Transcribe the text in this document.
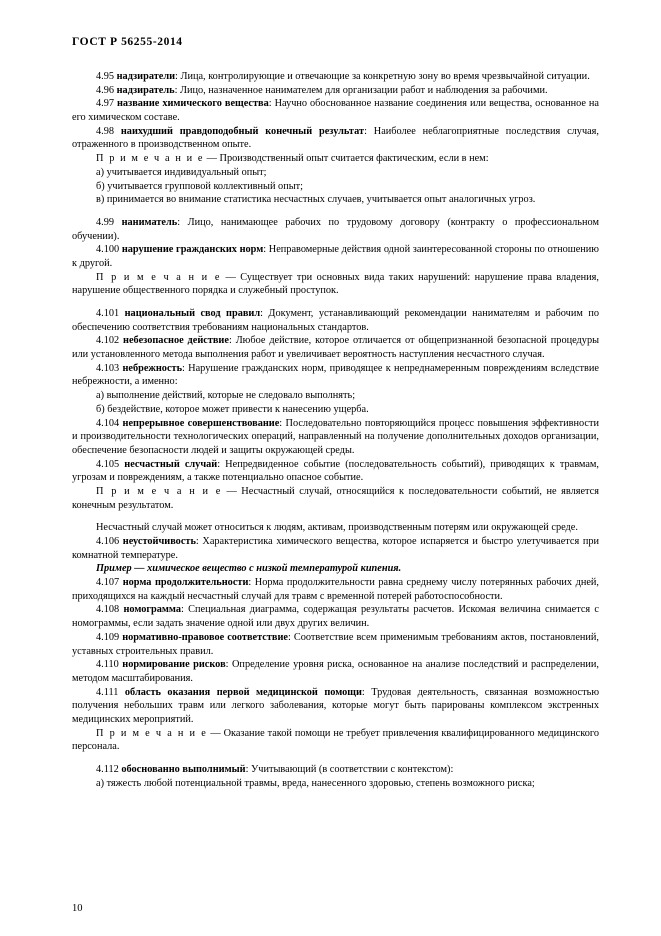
ГОСТ Р 56255-2014

4.95 надзиратели: Лица, контролирующие и отвечающие за конкретную зону во время чрезвычайной ситуации.

4.96 надзиратель: Лицо, назначенное нанимателем для организации работ и наблюдения за рабочими.

4.97 название химического вещества: Научно обоснованное название соединения или вещества, основанное на его химическом составе.

4.98 наихудший правдоподобный конечный результат: Наиболее неблагоприятные последствия случая, отраженного в производственном опыте.

П р и м е ч а н и е — Производственный опыт считается фактическим, если в нем:

а) учитывается индивидуальный опыт;

б) учитывается групповой коллективный опыт;

в) принимается во внимание статистика несчастных случаев, учитывается опыт аналогичных угроз.

4.99 наниматель: Лицо, нанимающее рабочих по трудовому договору (контракту о профессиональном обучении).

4.100 нарушение гражданских норм: Неправомерные действия одной заинтересованной стороны по отношению к другой.

П р и м е ч а н и е — Существует три основных вида таких нарушений: нарушение права владения, нарушение общественного порядка и служебный проступок.

4.101 национальный свод правил: Документ, устанавливающий рекомендации нанимателям и рабочим по обеспечению соответствия требованиям национальных стандартов.

4.102 небезопасное действие: Любое действие, которое отличается от общепризнанной безопасной процедуры или установленного метода выполнения работ и увеличивает вероятность наступления несчастного случая.

4.103 небрежность: Нарушение гражданских норм, приводящее к непреднамеренным повреждениям вследствие небрежности, а именно:

а) выполнение действий, которые не следовало выполнять;

б) бездействие, которое может привести к нанесению ущерба.

4.104 непрерывное совершенствование: Последовательно повторяющийся процесс повышения эффективности и производительности технологических операций, направленный на получение дополнительных доходов организации, обеспечение безопасности людей и защиты окружающей среды.

4.105 несчастный случай: Непредвиденное событие (последовательность событий), приводящих к травмам, угрозам и повреждениям, а также потенциально опасное событие.

П р и м е ч а н и е — Несчастный случай, относящийся к последовательности событий, не является конечным результатом.

Несчастный случай может относиться к людям, активам, производственным потерям или окружающей среде.

4.106 неустойчивость: Характеристика химического вещества, которое испаряется и быстро улетучивается при комнатной температуре.

Пример — химическое вещество с низкой температурой кипения.

4.107 норма продолжительности: Норма продолжительности равна среднему числу потерянных рабочих дней, приходящихся на каждый несчастный случай для травм с временной потерей работоспособности.

4.108 номограмма: Специальная диаграмма, содержащая результаты расчетов. Искомая величина снимается с номограммы, если задать значение одной или двух других величин.

4.109 нормативно-правовое соответствие: Соответствие всем применимым требованиям актов, постановлений, уставных строительных правил.

4.110 нормирование рисков: Определение уровня риска, основанное на анализе последствий и распределении, методом масштабирования.

4.111 область оказания первой медицинской помощи: Трудовая деятельность, связанная возможностью получения небольших травм или легкого заболевания, которые могут быть парированы комплексом экстренных медицинских мероприятий.

П р и м е ч а н и е — Оказание такой помощи не требует привлечения квалифицированного медицинского персонала.

4.112 обоснованно выполнимый: Учитывающий (в соответствии с контекстом):

а) тяжесть любой потенциальной травмы, вреда, нанесенного здоровью, степень возможного риска;

10
